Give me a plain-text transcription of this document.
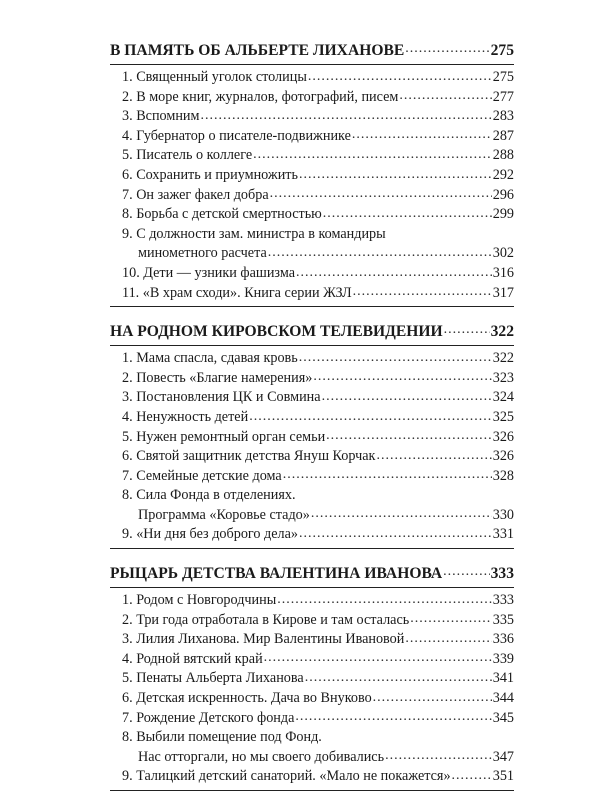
В ПАМЯТЬ ОБ АЛЬБЕРТЕ ЛИХАНОВЕ .....	275
1. Священный уголок столицы .....	275
2. В море книг, журналов, фотографий, писем .....	277
3. Вспомним .....	283
4. Губернатор о писателе-подвижнике .....	287
5. Писатель о коллеге .....	288
6. Сохранить и приумножить .....	292
7. Он зажег факел добра .....	296
8. Борьба с детской смертностью .....	299
9. С должности зам. министра в командиры
минометного расчета .....	302
10. Дети — узники фашизма .....	316
11. «В храм сходи». Книга серии ЖЗЛ .....	317
НА РОДНОМ КИРОВСКОМ ТЕЛЕВИДЕНИИ .....	322
1. Мама спасла, сдавая кровь .....	322
2. Повесть «Благие намерения» .....	323
3. Постановления ЦК и Совмина .....	324
4. Ненужность детей .....	325
5. Нужен ремонтный орган семьи .....	326
6. Святой защитник детства Януш Корчак .....	326
7. Семейные детские дома .....	328
8. Сила Фонда в отделениях.
Программа «Коровье стадо» .....	330
9. «Ни дня без доброго дела» .....	331
РЫЦАРЬ ДЕТСТВА ВАЛЕНТИНА ИВАНОВА .....	333
1. Родом с Новгородчины .....	333
2. Три года отработала в Кирове и там осталась .....	335
3. Лилия Лиханова. Мир Валентины Ивановой .....	336
4. Родной вятский край .....	339
5. Пенаты Альберта Лиханова .....	341
6. Детская искренность. Дача во Внуково .....	344
7. Рождение Детского фонда .....	345
8. Выбили помещение под Фонд.
Нас отторгали, но мы своего добивались .....	347
9. Талицкий детский санаторий. «Мало не покажется» .....	351
